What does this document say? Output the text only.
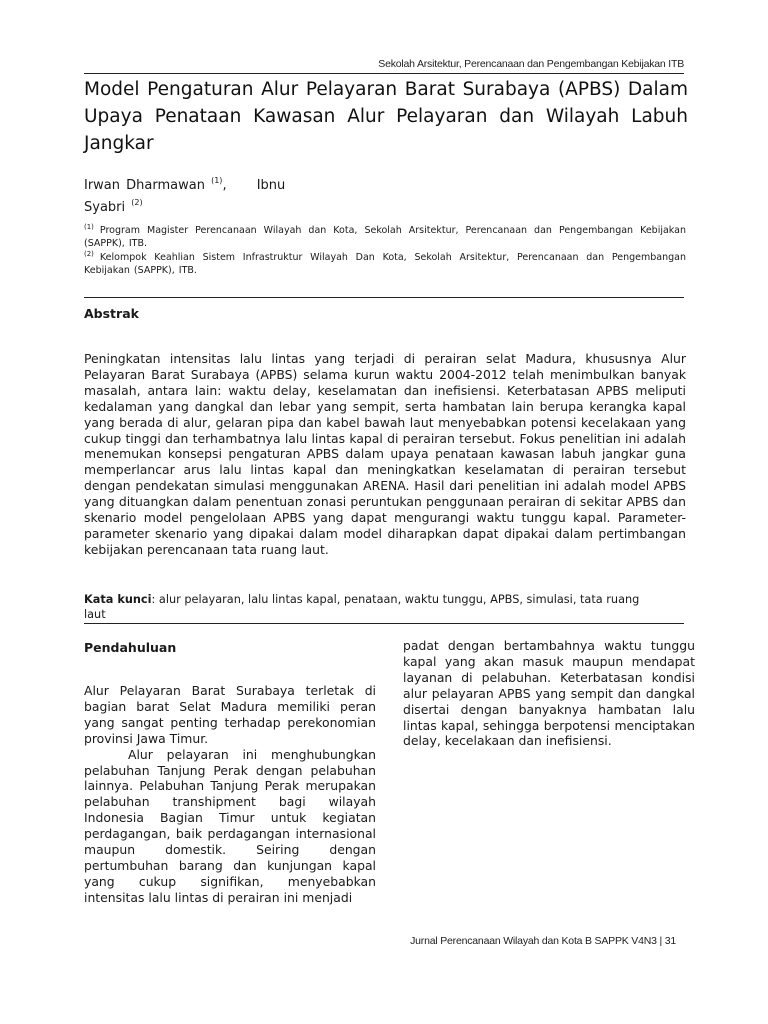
Sekolah Arsitektur, Perencanaan dan Pengembangan Kebijakan ITB
Model Pengaturan Alur Pelayaran Barat Surabaya (APBS) Dalam Upaya Penataan Kawasan Alur Pelayaran dan Wilayah Labuh Jangkar
Irwan Dharmawan $^{(1)}$, Ibnu
Syabri $^{(2)}$
$^{(1)}$ Program Magister Perencanaan Wilayah dan Kota, Sekolah Arsitektur, Perencanaan dan Pengembangan Kebijakan (SAPPK), ITB.
$^{(2)}$ Kelompok Keahlian Sistem Infrastruktur Wilayah Dan Kota, Sekolah Arsitektur, Perencanaan dan Pengembangan Kebijakan (SAPPK), ITB.
Abstrak

Peningkatan intensitas lalu lintas yang terjadi di perairan selat Madura, khususnya Alur Pelayaran Barat Surabaya (APBS) selama kurun waktu 2004-2012 telah menimbulkan banyak masalah, antara lain: waktu delay, keselamatan dan inefisiensi. Keterbatasan APBS meliputi kedalaman yang dangkal dan lebar yang sempit, serta hambatan lain berupa kerangka kapal yang berada di alur, gelaran pipa dan kabel bawah laut menyebabkan potensi kecelakaan yang cukup tinggi dan terhambatnya lalu lintas kapal di perairan tersebut. Fokus penelitian ini adalah menemukan konsepsi pengaturan APBS dalam upaya penataan kawasan labuh jangkar guna memperlancar arus lalu lintas kapal dan meningkatkan keselamatan di perairan tersebut dengan pendekatan simulasi menggunakan ARENA. Hasil dari penelitian ini adalah model APBS yang dituangkan dalam penentuan zonasi peruntukan penggunaan perairan di sekitar APBS dan skenario model pengelolaan APBS yang dapat mengurangi waktu tunggu kapal. Parameter-parameter skenario yang dipakai dalam model diharapkan dapat dipakai dalam pertimbangan kebijakan perencanaan tata ruang laut.

Kata kunci: alur pelayaran, lalu lintas kapal, penataan, waktu tunggu, APBS, simulasi, tata ruang laut

Pendahuluan

Alur Pelayaran Barat Surabaya terletak di bagian barat Selat Madura memiliki peran yang sangat penting terhadap perekonomian provinsi Jawa Timur.

Alur pelayaran ini menghubungkan pelabuhan Tanjung Perak dengan pelabuhan lainnya. Pelabuhan Tanjung Perak merupakan pelabuhan transhipment bagi wilayah Indonesia Bagian Timur untuk kegiatan perdagangan, baik perdagangan internasional maupun domestik. Seiring dengan pertumbuhan barang dan kunjungan kapal yang cukup signifikan, menyebabkan intensitas lalu lintas di perairan ini menjadi

padat dengan bertambahnya waktu tunggu kapal yang akan masuk maupun mendapat layanan di pelabuhan. Keterbatasan kondisi alur pelayaran APBS yang sempit dan dangkal disertai dengan banyaknya hambatan lalu lintas kapal, sehingga berpotensi menciptakan delay, kecelakaan dan inefisiensi.

Jurnal Perencanaan Wilayah dan Kota B SAPPK V4N3 | 31
